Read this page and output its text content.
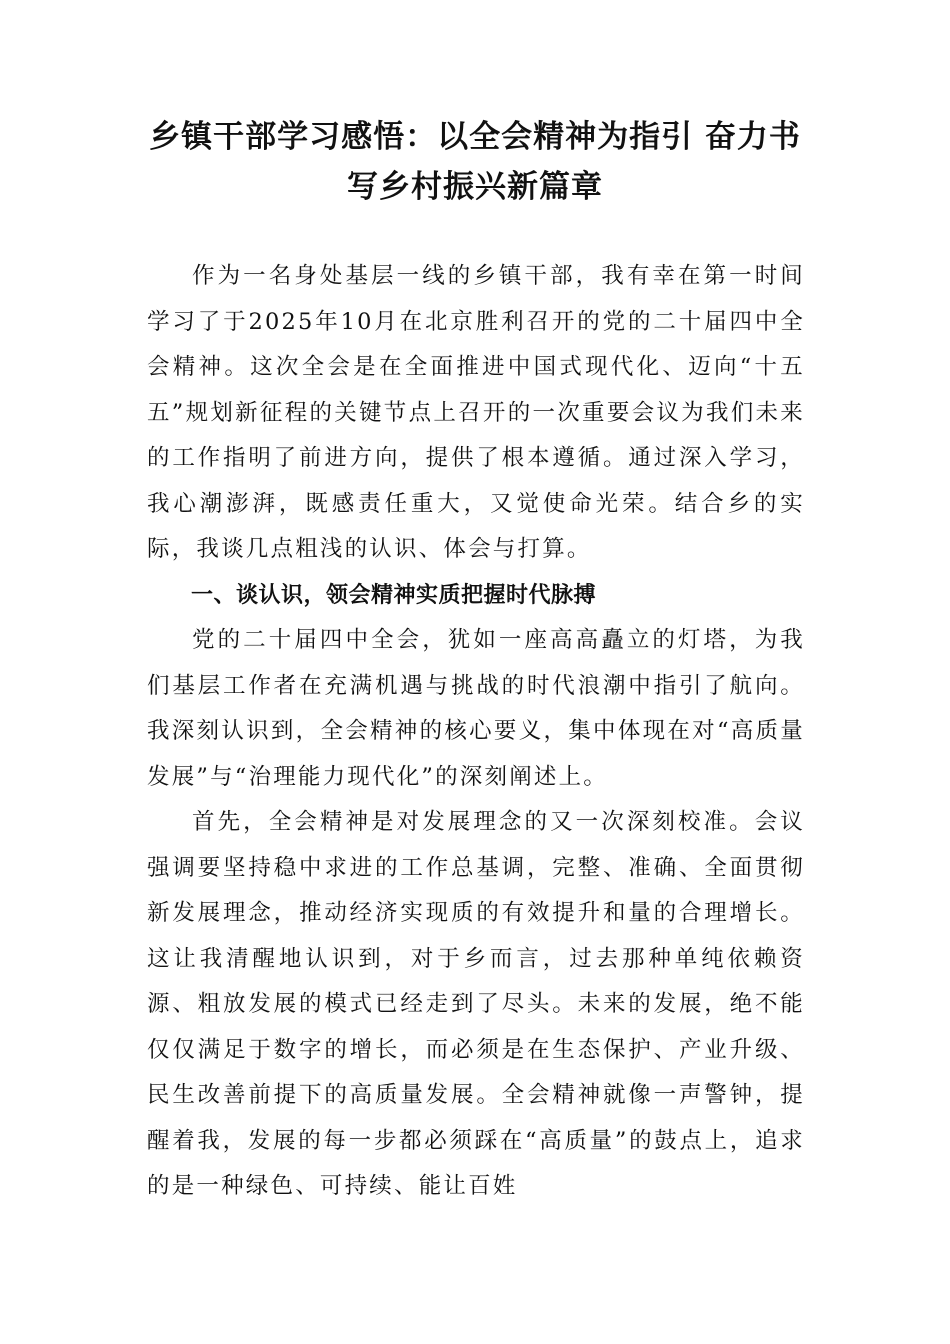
乡镇干部学习感悟：以全会精神为指引 奋力书写乡村振兴新篇章

作为一名身处基层一线的乡镇干部，我有幸在第一时间学习了于2025年10月在北京胜利召开的党的二十届四中全会精神。这次全会是在全面推进中国式现代化、迈向“十五五”规划新征程的关键节点上召开的一次重要会议为我们未来的工作指明了前进方向，提供了根本遵循。通过深入学习，我心潮澎湃，既感责任重大，又觉使命光荣。结合乡的实际，我谈几点粗浅的认识、体会与打算。

一、谈认识，领会精神实质把握时代脉搏

党的二十届四中全会，犹如一座高高矗立的灯塔，为我们基层工作者在充满机遇与挑战的时代浪潮中指引了航向。我深刻认识到，全会精神的核心要义，集中体现在对“高质量发展”与“治理能力现代化”的深刻阐述上。

首先，全会精神是对发展理念的又一次深刻校准。会议强调要坚持稳中求进的工作总基调，完整、准确、全面贯彻新发展理念，推动经济实现质的有效提升和量的合理增长。这让我清醒地认识到，对于乡而言，过去那种单纯依赖资源、粗放发展的模式已经走到了尽头。未来的发展，绝不能仅仅满足于数字的增长，而必须是在生态保护、产业升级、民生改善前提下的高质量发展。全会精神就像一声警钟，提醒着我，发展的每一步都必须踩在“高质量”的鼓点上，追求的是一种绿色、可持续、能让百姓
